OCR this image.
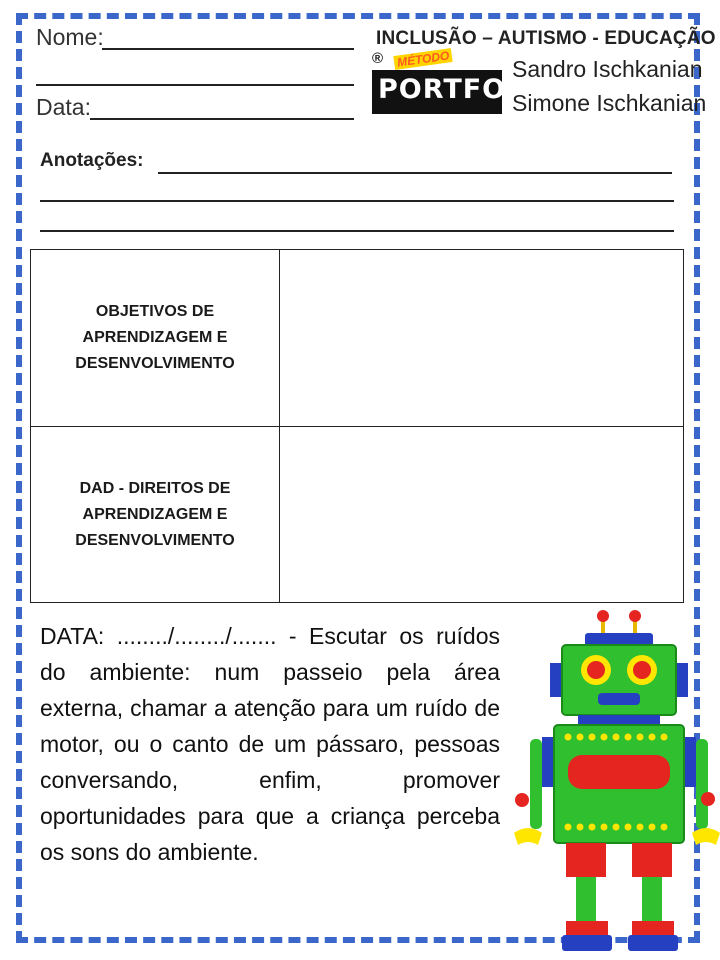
Nome:
Data:
INCLUSÃO – AUTISMO - EDUCAÇÃO
® MÉTODO
PORTFOLIO
Sandro Ischkanian
Simone Ischkanian
Anotações:
OBJETIVOS DE APRENDIZAGEM E DESENVOLVIMENTO	
DAD - DIREITOS DE APRENDIZAGEM E DESENVOLVIMENTO	
DATA: ......../......../....... - Escutar os ruídos do ambiente: num passeio pela área externa, chamar a atenção para um ruído de motor, ou o canto de um pássaro, pessoas conversando, enfim, promover oportunidades para que a criança perceba os sons do ambiente.
